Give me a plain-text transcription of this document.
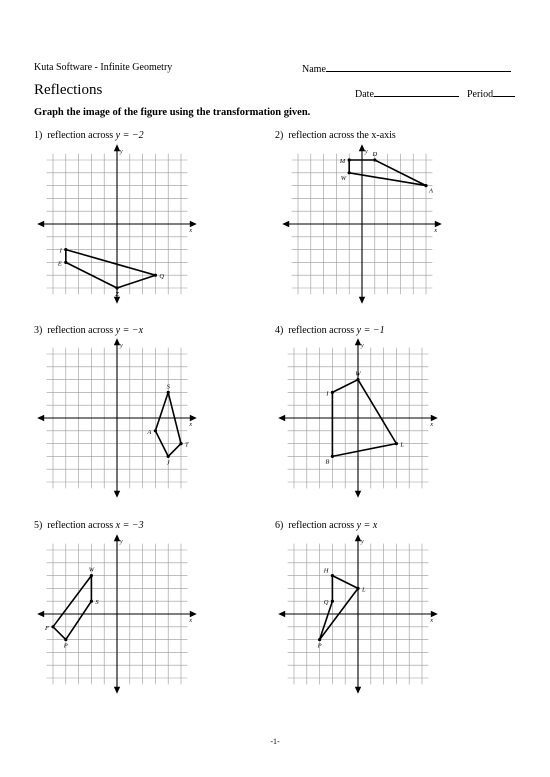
Kuta Software - Infinite Geometry	Name
Reflections	Date	Period
Graph the image of the figure using the transformation given.
1) reflection across y = −2	2) reflection across the x-axis
3) reflection across y = −x	4) reflection across y = −1
5) reflection across x = −3	6) reflection across y = x
x
y
I
Q
Z
E
x
y
M
D
A
W
x
y
S
T
J
A
x
y
W
L
B
I
x
y
W
S
P
F
x
y
H
L
P
Q
-1-
